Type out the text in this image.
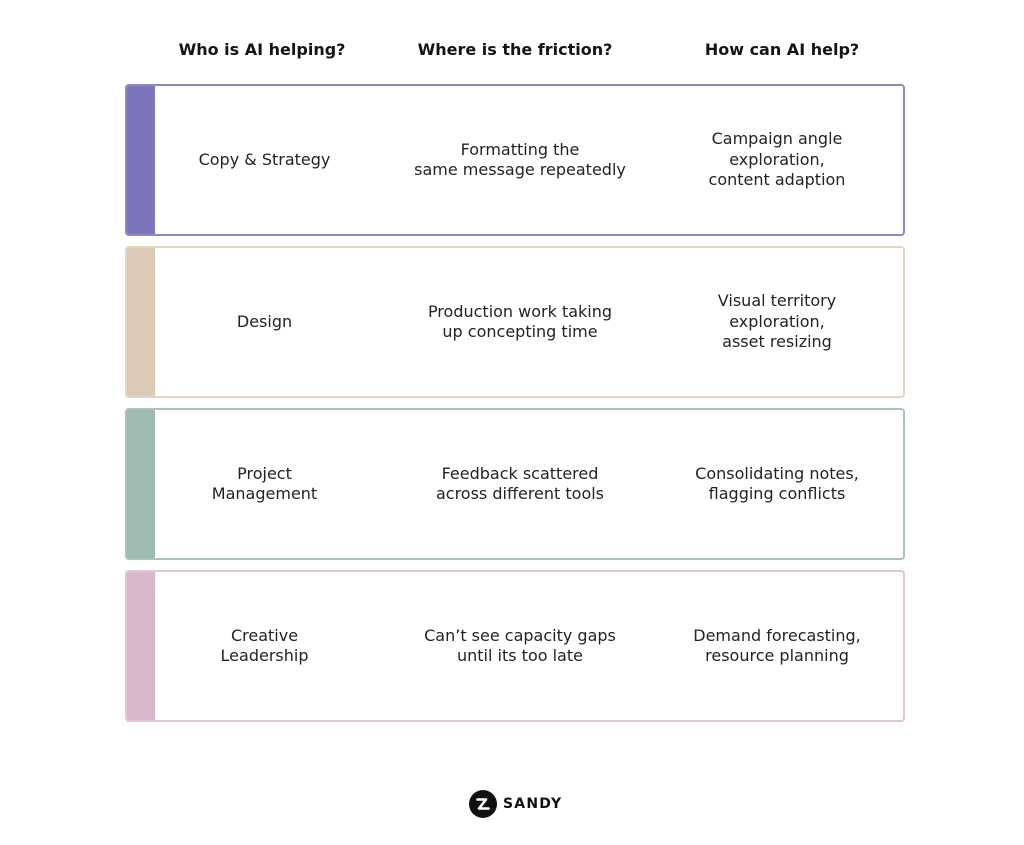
Who is AI helping?	Where is the friction?	How can AI help?
Copy & Strategy
Formatting the
same message repeatedly
Campaign angle
exploration,
content adaption
Design
Production work taking
up concepting time
Visual territory
exploration,
asset resizing
Project
Management
Feedback scattered
across different tools
Consolidating notes,
flagging conflicts
Creative
Leadership
Can’t see capacity gaps
until its too late
Demand forecasting,
resource planning
SANDY
